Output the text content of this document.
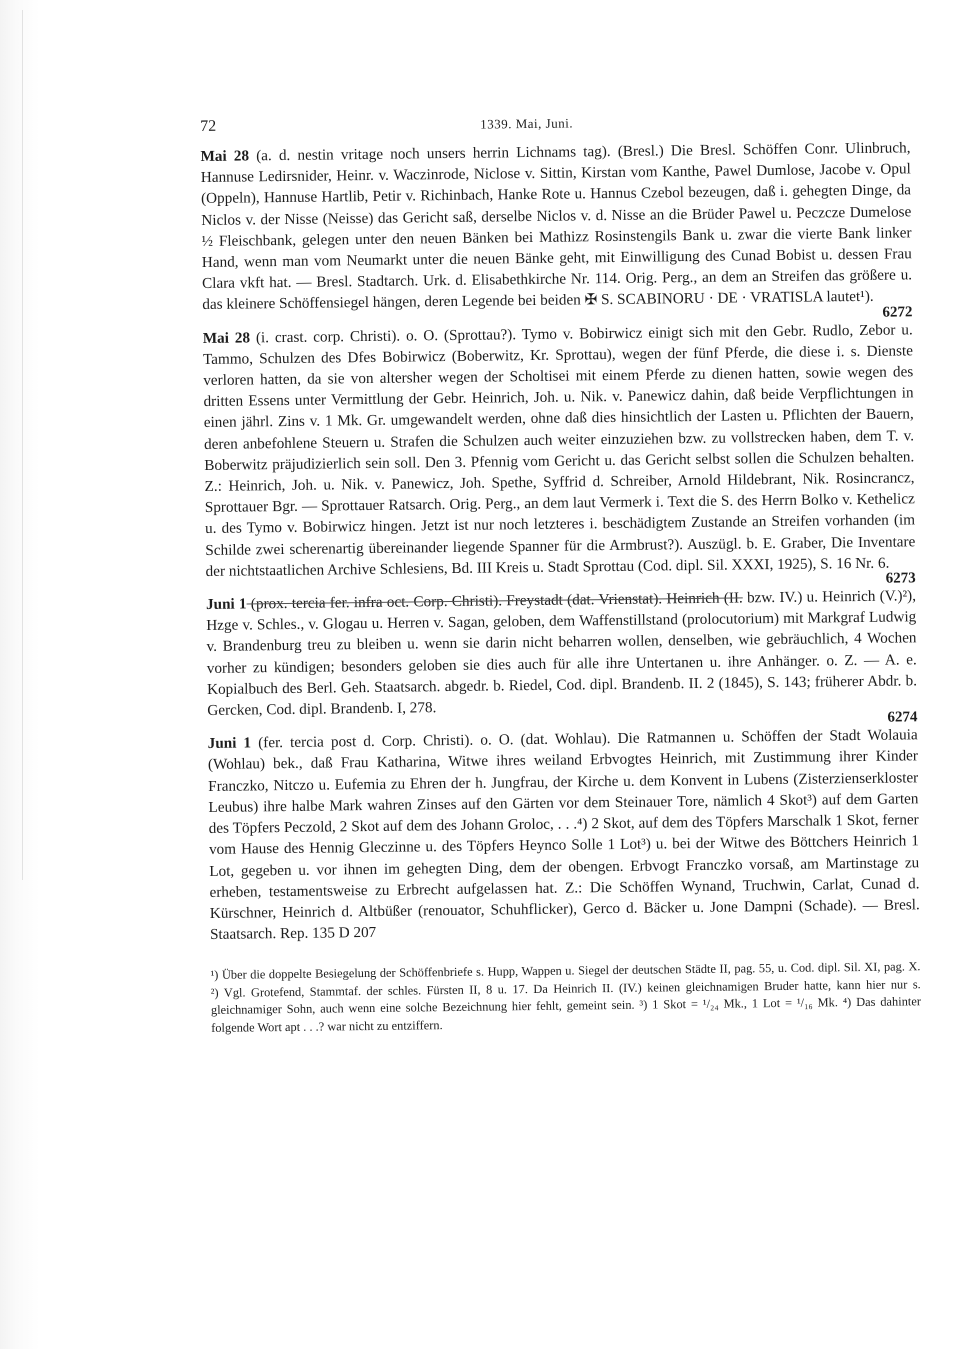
72	1339. Mai, Juni.

Mai 28 (a. d. nestin vritage noch unsers herrin Lichnams tag). (Bresl.) Die Bresl. Schöffen Conr. Ulinbruch, Hannuse Ledirsnider, Heinr. v. Waczinrode, Niclose v. Sittin, Kirstan vom Kanthe, Pawel Dumlose, Jacobe v. Opul (Oppeln), Hannuse Hartlib, Petir v. Richinbach, Hanke Rote u. Hannus Czebol bezeugen, daß i. gehegten Dinge, da Niclos v. der Nisse (Neisse) das Gericht saß, derselbe Niclos v. d. Nisse an die Brüder Pawel u. Peczcze Dumelose ½ Fleischbank, gelegen unter den neuen Bänken bei Mathizz Rosinstengils Bank u. zwar die vierte Bank linker Hand, wenn man vom Neumarkt unter die neuen Bänke geht, mit Einwilligung des Cunad Bobist u. dessen Frau Clara vkft hat. — Bresl. Stadtarch. Urk. d. Elisabethkirche Nr. 114. Orig. Perg., an dem an Streifen das größere u. das kleinere Schöffensiegel hängen, deren Legende bei beiden ✠ S. SCABINORU · DE · VRATISLA lautet¹). 6272

Mai 28 (i. crast. corp. Christi). o. O. (Sprottau?). Tymo v. Bobirwicz einigt sich mit den Gebr. Rudlo, Zebor u. Tammo, Schulzen des Dfes Bobirwicz (Boberwitz, Kr. Sprottau), wegen der fünf Pferde, die diese i. s. Dienste verloren hatten, da sie von altersher wegen der Scholtisei mit einem Pferde zu dienen hatten, sowie wegen des dritten Essens unter Vermittlung der Gebr. Heinrich, Joh. u. Nik. v. Panewicz dahin, daß beide Verpflichtungen in einen jährl. Zins v. 1 Mk. Gr. umgewandelt werden, ohne daß dies hinsichtlich der Lasten u. Pflichten der Bauern, deren anbefohlene Steuern u. Strafen die Schulzen auch weiter einzuziehen bzw. zu vollstrecken haben, dem T. v. Boberwitz präjudizierlich sein soll. Den 3. Pfennig vom Gericht u. das Gericht selbst sollen die Schulzen behalten. Z.: Heinrich, Joh. u. Nik. v. Panewicz, Joh. Spethe, Syffrid d. Schreiber, Arnold Hildebrant, Nik. Rosincrancz, Sprottauer Bgr. — Sprottauer Ratsarch. Orig. Perg., an dem laut Vermerk i. Text die S. des Herrn Bolko v. Kethelicz u. des Tymo v. Bobirwicz hingen. Jetzt ist nur noch letzteres i. beschädigtem Zustande an Streifen vorhanden (im Schilde zwei scherenartig übereinander liegende Spanner für die Armbrust?). Auszügl. b. E. Graber, Die Inventare der nichtstaatlichen Archive Schlesiens, Bd. III Kreis u. Stadt Sprottau (Cod. dipl. Sil. XXXI, 1925), S. 16 Nr. 6.

6273

Juni 1 (prox. tercia fer. infra oct. Corp. Christi). Freystadt (dat. Vrienstat). Heinrich (II. bzw. IV.) u. Heinrich (V.)²), Hzge v. Schles., v. Glogau u. Herren v. Sagan, geloben, dem Waffenstillstand (prolocutorium) mit Markgraf Ludwig v. Brandenburg treu zu bleiben u. wenn sie darin nicht beharren wollen, denselben, wie gebräuchlich, 4 Wochen vorher zu kündigen; besonders geloben sie dies auch für alle ihre Untertanen u. ihre Anhänger. o. Z. — A. e. Kopialbuch des Berl. Geh. Staatsarch. abgedr. b. Riedel, Cod. dipl. Brandenb. II. 2 (1845), S. 143; früherer Abdr. b. Gercken, Cod. dipl. Brandenb. I, 278.	6274

Juni 1 (fer. tercia post d. Corp. Christi). o. O. (dat. Wohlau). Die Ratmannen u. Schöffen der Stadt Wolauia (Wohlau) bek., daß Frau Katharina, Witwe ihres weiland Erbvogtes Heinrich, mit Zustimmung ihrer Kinder Franczko, Nitczo u. Eufemia zu Ehren der h. Jungfrau, der Kirche u. dem Konvent in Lubens (Zisterzienserkloster Leubus) ihre halbe Mark wahren Zinses auf den Gärten vor dem Steinauer Tore, nämlich 4 Skot³) auf dem Garten des Töpfers Peczold, 2 Skot auf dem des Johann Groloc, . . .⁴) 2 Skot, auf dem des Töpfers Marschalk 1 Skot, ferner vom Hause des Hennig Gleczinne u. des Töpfers Heynco Solle 1 Lot³) u. bei der Witwe des Böttchers Heinrich 1 Lot, gegeben u. vor ihnen im gehegten Ding, dem der obengen. Erbvogt Franczko vorsaß, am Martinstage zu erheben, testamentsweise zu Erbrecht aufgelassen hat. Z.: Die Schöffen Wynand, Truchwin, Carlat, Cunad d. Kürschner, Heinrich d. Altbüßer (renouator, Schuhflicker), Gerco d. Bäcker u. Jone Dampni (Schade). — Bresl. Staatsarch. Rep. 135 D 207

¹) Über die doppelte Besiegelung der Schöffenbriefe s. Hupp, Wappen u. Siegel der deutschen Städte II, pag. 55, u. Cod. dipl. Sil. XI, pag. X. ²) Vgl. Grotefend, Stammtaf. der schles. Fürsten II, 8 u. 17. Da Heinrich II. (IV.) keinen gleichnamigen Bruder hatte, kann hier nur s. gleichnamiger Sohn, auch wenn eine solche Bezeichnung hier fehlt, gemeint sein. ³) 1 Skot = ¹/₂₄ Mk., 1 Lot = ¹/₁₆ Mk. ⁴) Das dahinter folgende Wort apt . . .? war nicht zu entziffern.
